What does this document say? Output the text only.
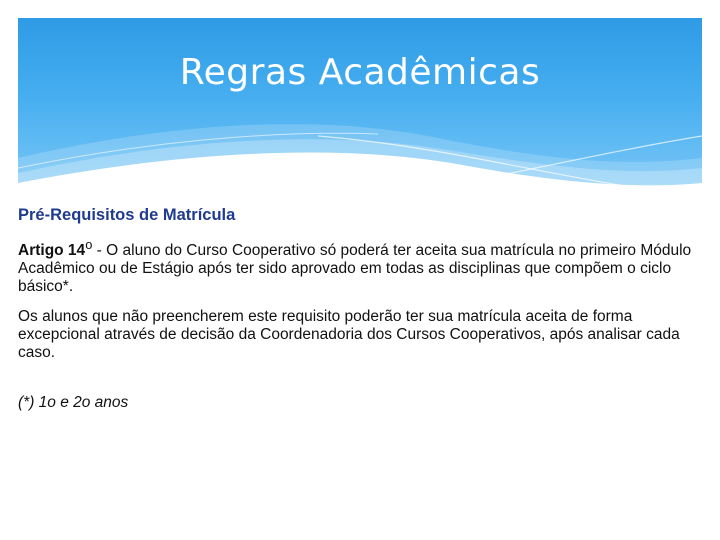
Regras Acadêmicas
Pré-Requisitos de Matrícula

Artigo 14$^o$ - O aluno do Curso Cooperativo só poderá ter aceita sua matrícula no primeiro Módulo Acadêmico ou de Estágio após ter sido aprovado em todas as disciplinas que compõem o ciclo básico*.

Os alunos que não preencherem este requisito poderão ter sua matrícula aceita de forma excepcional através de decisão da Coordenadoria dos Cursos Cooperativos, após analisar cada caso.

(*) 1o e 2o anos
